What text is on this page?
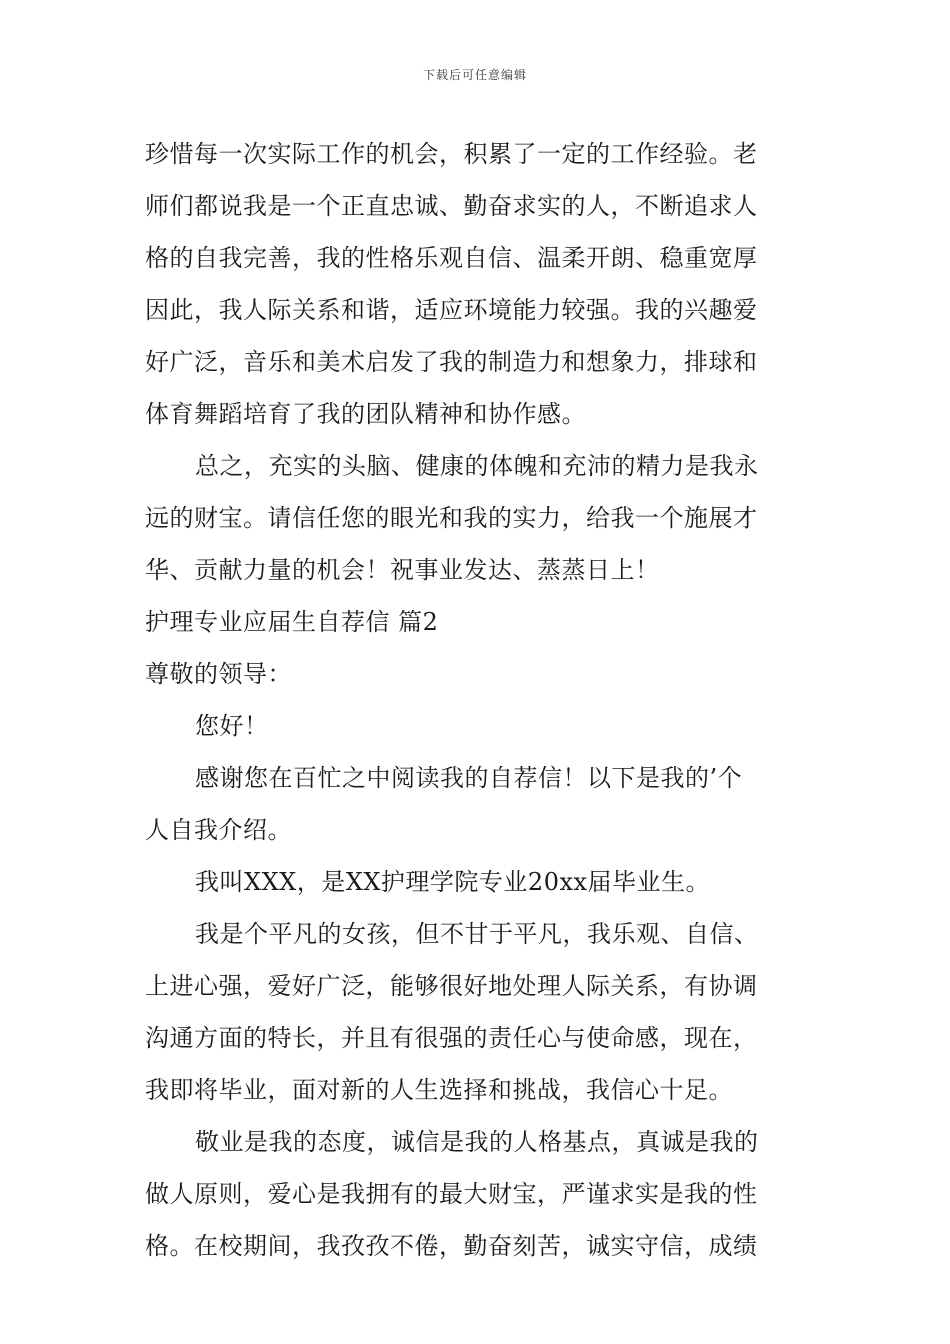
下载后可任意编辑
珍惜每一次实际工作的机会，积累了一定的工作经验。老
师们都说我是一个正直忠诚、勤奋求实的人，不断追求人
格的自我完善，我的性格乐观自信、温柔开朗、稳重宽厚
因此，我人际关系和谐，适应环境能力较强。我的兴趣爱
好广泛，音乐和美术启发了我的制造力和想象力，排球和
体育舞蹈培育了我的团队精神和协作感。
总之，充实的头脑、健康的体魄和充沛的精力是我永
远的财宝。请信任您的眼光和我的实力，给我一个施展才
华、贡献力量的机会！祝事业发达、蒸蒸日上！
护理专业应届生自荐信 篇2
尊敬的领导：
您好！
感谢您在百忙之中阅读我的自荐信！以下是我的’个
人自我介绍。
我叫XXX，是XX护理学院专业20xx届毕业生。
我是个平凡的女孩，但不甘于平凡，我乐观、自信、
上进心强，爱好广泛，能够很好地处理人际关系，有协调
沟通方面的特长，并且有很强的责任心与使命感，现在，
我即将毕业，面对新的人生选择和挑战，我信心十足。
敬业是我的态度，诚信是我的人格基点，真诚是我的
做人原则，爱心是我拥有的最大财宝，严谨求实是我的性
格。在校期间，我孜孜不倦，勤奋刻苦，诚实守信，成绩
